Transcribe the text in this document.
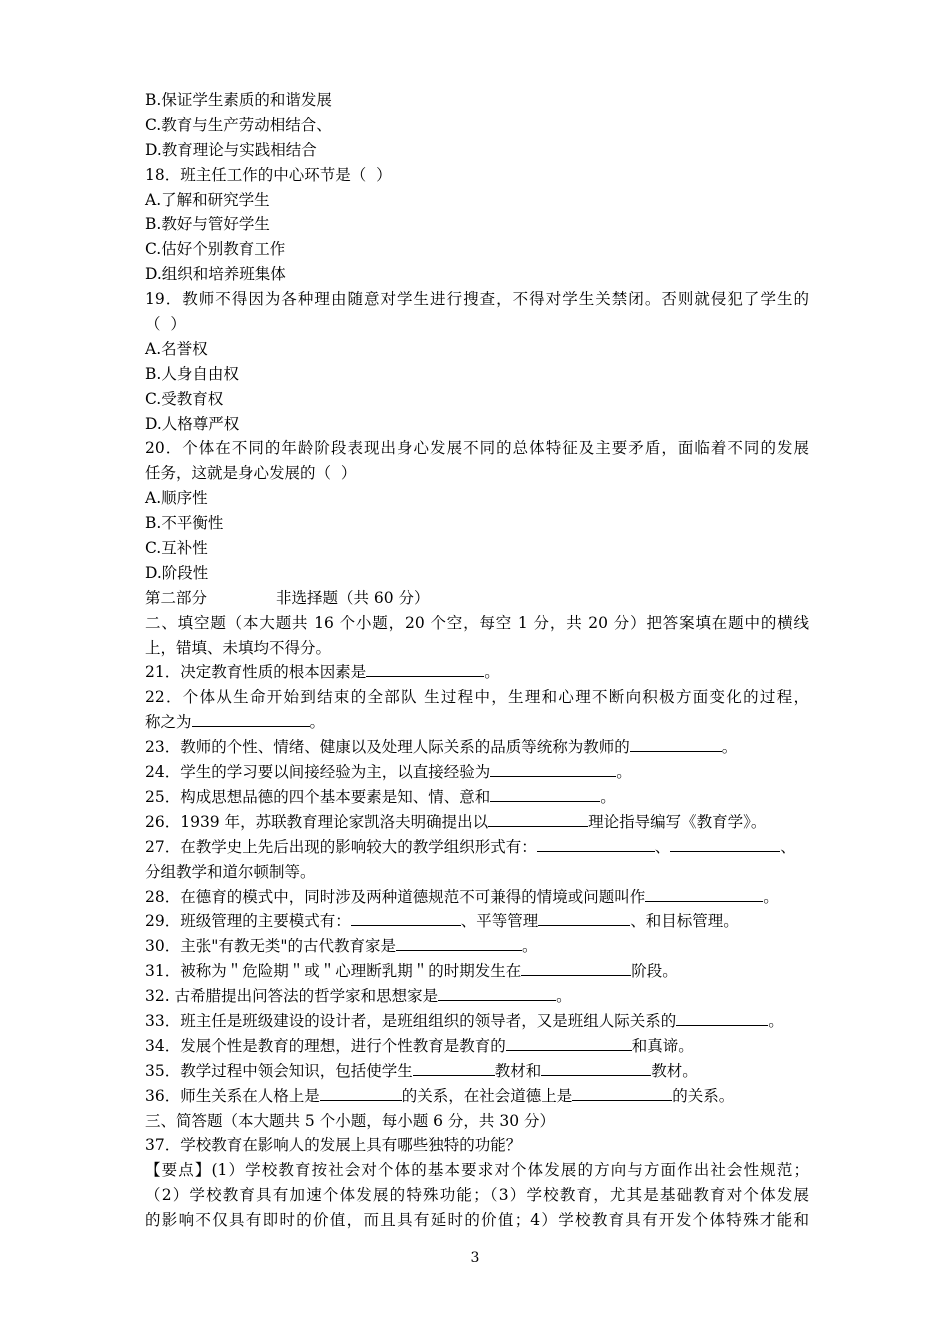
B.保证学生素质的和谐发展
C.教育与生产劳动相结合、
D.教育理论与实践相结合
18．班主任工作的中心环节是（  ）
A.了解和研究学生
B.教好与管好学生
C.估好个别教育工作
D.组织和培养班集体
19．教师不得因为各种理由随意对学生进行搜查，不得对学生关禁闭。否则就侵犯了学生的
（  ）
A.名誉权
B.人身自由权
C.受教育权
D.人格尊严权
20．个体在不同的年龄阶段表现出身心发展不同的总体特征及主要矛盾，面临着不同的发展
任务，这就是身心发展的（  ）
A.顺序性
B.不平衡性
C.互补性
D.阶段性
第二部分              非选择题（共 60 分）
二、填空题（本大题共 16 个小题，20 个空，每空 1 分，共 20 分）把答案填在题中的横线
上，错填、未填均不得分。
21．决定教育性质的根本因素是	。
22．个体从生命开始到结束的全部队 生过程中，生理和心理不断向积极方面变化的过程，
称之为	。
23．教师的个性、情绪、健康以及处理人际关系的品质等统称为教师的	。
24．学生的学习要以间接经验为主，以直接经验为	。
25．构成思想品德的四个基本要素是知、情、意和	。
26．1939 年，苏联教育理论家凯洛夫明确提出以	理论指导编写《教育学》。
27．在教学史上先后出现的影响较大的教学组织形式有：	、	、
分组教学和道尔顿制等。
28．在德育的模式中，同时涉及两种道德规范不可兼得的情境或问题叫作	。
29．班级管理的主要模式有：	、平等管理	、和目标管理。
30．主张"有教无类"的古代教育家是	。
31．被称为＂危险期＂或＂心理断乳期＂的时期发生在	阶段。
32. 古希腊提出问答法的哲学家和思想家是	。
33．班主任是班级建设的设计者，是班组组织的领导者，又是班组人际关系的	。
34．发展个性是教育的理想，进行个性教育是教育的	和真谛。
35．教学过程中领会知识，包括使学生	教材和	教材。
36．师生关系在人格上是	的关系，在社会道德上是	的关系。
三、简答题（本大题共 5 个小题，每小题 6 分，共 30 分）
37．学校教育在影响人的发展上具有哪些独特的功能？
【要点】(1）学校教育按社会对个体的基本要求对个体发展的方向与方面作出社会性规范；
（2）学校教育具有加速个体发展的特殊功能；（3）学校教育，尤其是基础教育对个体发展
的影响不仅具有即时的价值，而且具有延时的价值；4）学校教育具有开发个体特殊才能和
3
